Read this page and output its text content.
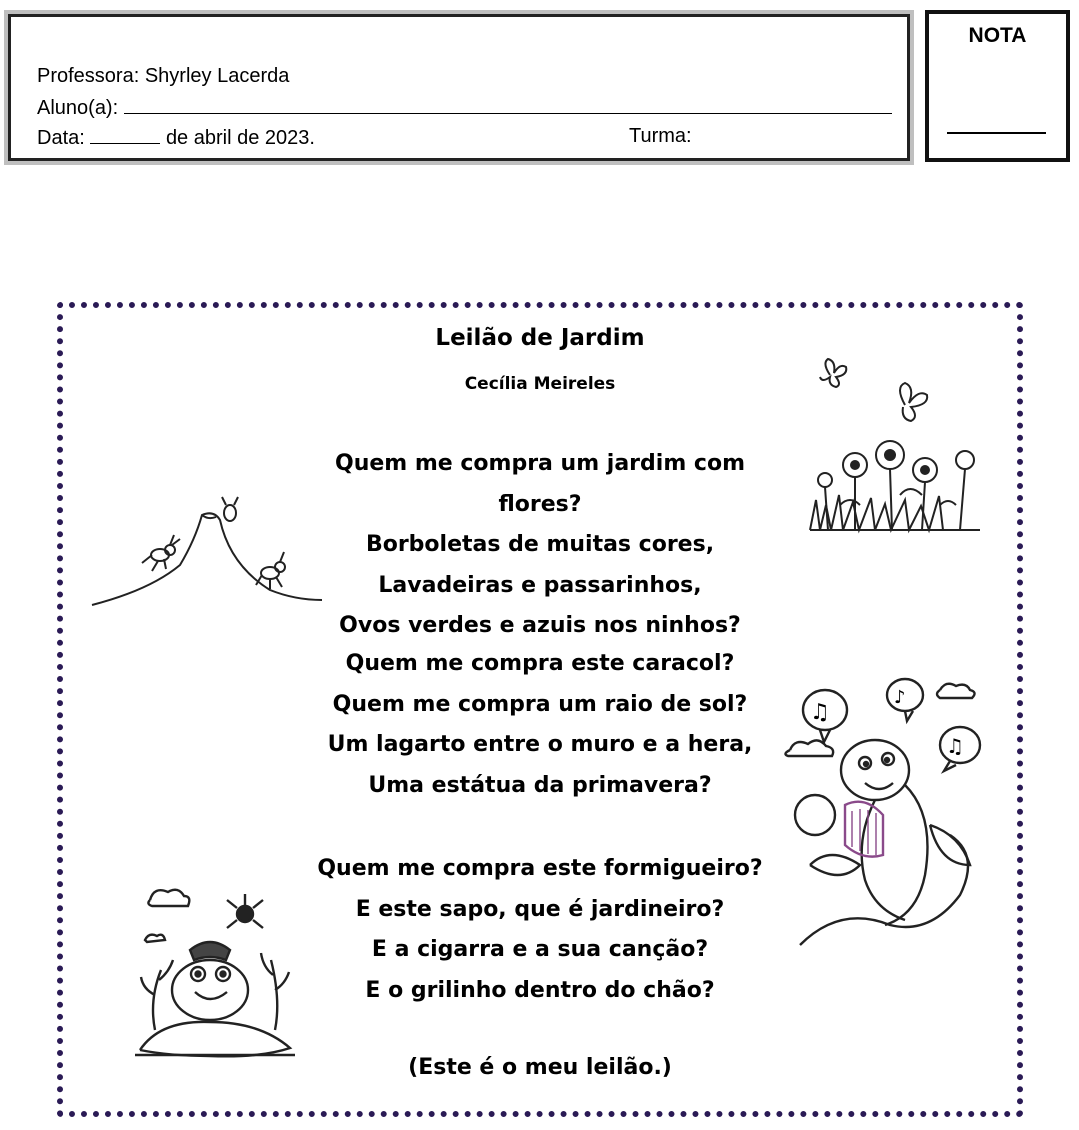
Professora: Shyrley Lacerda
Aluno(a):
Data:	de abril de 2023.	Turma:
NOTA
Leilão de Jardim
Cecília Meireles
Quem me compra um jardim com flores?
Borboletas de muitas cores,
Lavadeiras e passarinhos,
Ovos verdes e azuis nos ninhos?
Quem me compra este caracol?
Quem me compra um raio de sol?
Um lagarto entre o muro e a hera,
Uma estátua da primavera?
Quem me compra este formigueiro?
E este sapo, que é jardineiro?
E a cigarra e a sua canção?
E o grilinho dentro do chão?
(Este é o meu leilão.)
♫
♪
♫
